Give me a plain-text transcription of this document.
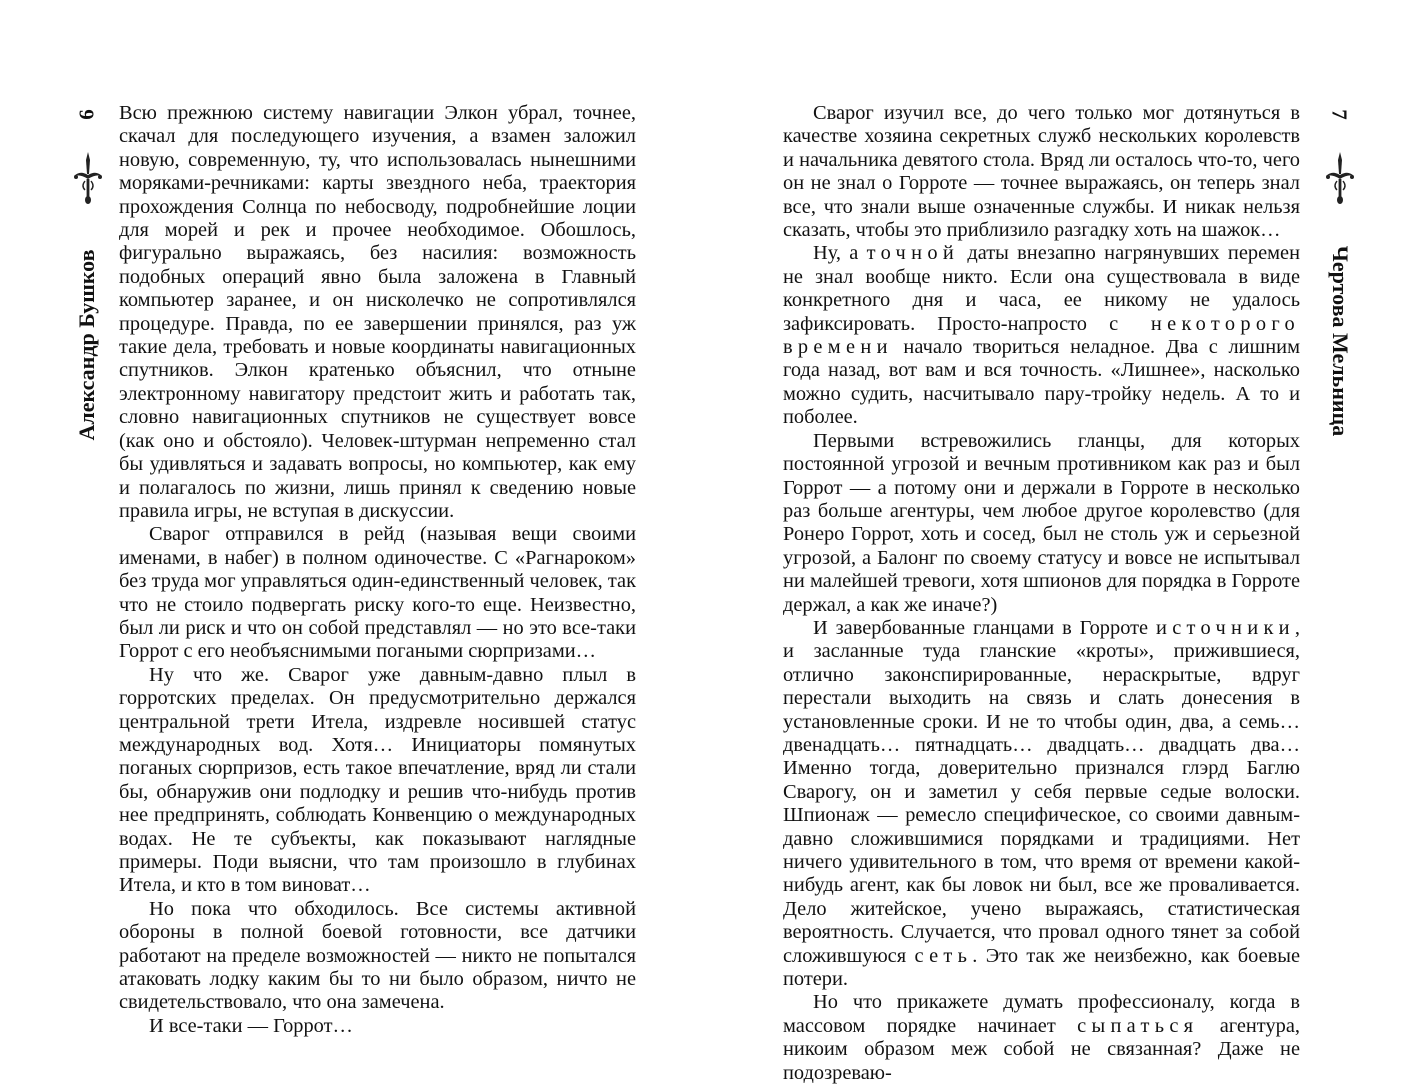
6
Александр Бушков

Всю прежнюю систему навигации Элкон убрал, точнее, скачал для последующего изучения, а взамен заложил новую, современную, ту, что использовалась нынешними моряками-речниками: карты звездного неба, траектория прохождения Солнца по небосводу, подробнейшие лоции для морей и рек и прочее необходимое. Обошлось, фигурально выражаясь, без насилия: возможность подобных операций явно была заложена в Главный компьютер заранее, и он нисколечко не сопротивлялся процедуре. Правда, по ее завершении принялся, раз уж такие дела, требовать и новые координаты навигационных спутников. Элкон кратенько объяснил, что отныне электронному навигатору предстоит жить и работать так, словно навигационных спутников не существует вовсе (как оно и обстояло). Человек-штурман непременно стал бы удивляться и задавать вопросы, но компьютер, как ему и полагалось по жизни, лишь принял к сведению новые правила игры, не вступая в дискуссии.

Сварог отправился в рейд (называя вещи своими именами, в набег) в полном одиночестве. С «Рагнароком» без труда мог управляться один-единственный человек, так что не стоило подвергать риску кого-то еще. Неизвестно, был ли риск и что он собой представлял — но это все-таки Горрот с его необъяснимыми погаными сюрпризами…

Ну что же. Сварог уже давным-давно плыл в горротских пределах. Он предусмотрительно держался центральной трети Итела, издревле носившей статус международных вод. Хотя… Инициаторы помянутых поганых сюрпризов, есть такое впечатление, вряд ли стали бы, обнаружив они подлодку и решив что-нибудь против нее предпринять, соблюдать Конвенцию о международных водах. Не те субъекты, как показывают наглядные примеры. Поди выясни, что там произошло в глубинах Итела, и кто в том виноват…

Но пока что обходилось. Все системы активной обороны в полной боевой готовности, все датчики работают на пределе возможностей — никто не попытался атаковать лодку каким бы то ни было образом, ничто не свидетельствовало, что она замечена.

И все-таки — Горрот…

Сварог изучил все, до чего только мог дотянуться в качестве хозяина секретных служб нескольких королевств и начальника девятого стола. Вряд ли осталось что-то, чего он не знал о Горроте — точнее выражаясь, он теперь знал все, что знали выше означенные службы. И никак нельзя сказать, чтобы это приблизило разгадку хоть на шажок…

Ну, а точной даты внезапно нагрянувших перемен не знал вообще никто. Если она существовала в виде конкретного дня и часа, ее никому не удалось зафиксировать. Просто-напросто с некоторого времени начало твориться неладное. Два с лишним года назад, вот вам и вся точность. «Лишнее», насколько можно судить, насчитывало пару-тройку недель. А то и поболее.

Первыми встревожились гланцы, для которых постоянной угрозой и вечным противником как раз и был Горрот — а потому они и держали в Горроте в несколько раз больше агентуры, чем любое другое королевство (для Ронеро Горрот, хоть и сосед, был не столь уж и серьезной угрозой, а Балонг по своему статусу и вовсе не испытывал ни малейшей тревоги, хотя шпионов для порядка в Горроте держал, а как же иначе?)

И завербованные гланцами в Горроте источники, и засланные туда гланские «кроты», прижившиеся, отлично законспирированные, нераскрытые, вдруг перестали выходить на связь и слать донесения в установленные сроки. И не то чтобы один, два, а семь… двенадцать… пятнадцать… двадцать… двадцать два… Именно тогда, доверительно признался глэрд Баглю Сварогу, он и заметил у себя первые седые волоски. Шпионаж — ремесло специфическое, со своими давным-давно сложившимися порядками и традициями. Нет ничего удивительного в том, что время от времени какой-нибудь агент, как бы ловок ни был, все же проваливается. Дело житейское, учено выражаясь, статистическая вероятность. Случается, что провал одного тянет за собой сложившуюся сеть. Это так же неизбежно, как боевые потери.

Но что прикажете думать профессионалу, когда в массовом порядке начинает сыпаться агентура, никоим образом меж собой не связанная? Даже не подозреваю-

7
Чертова Мельница
